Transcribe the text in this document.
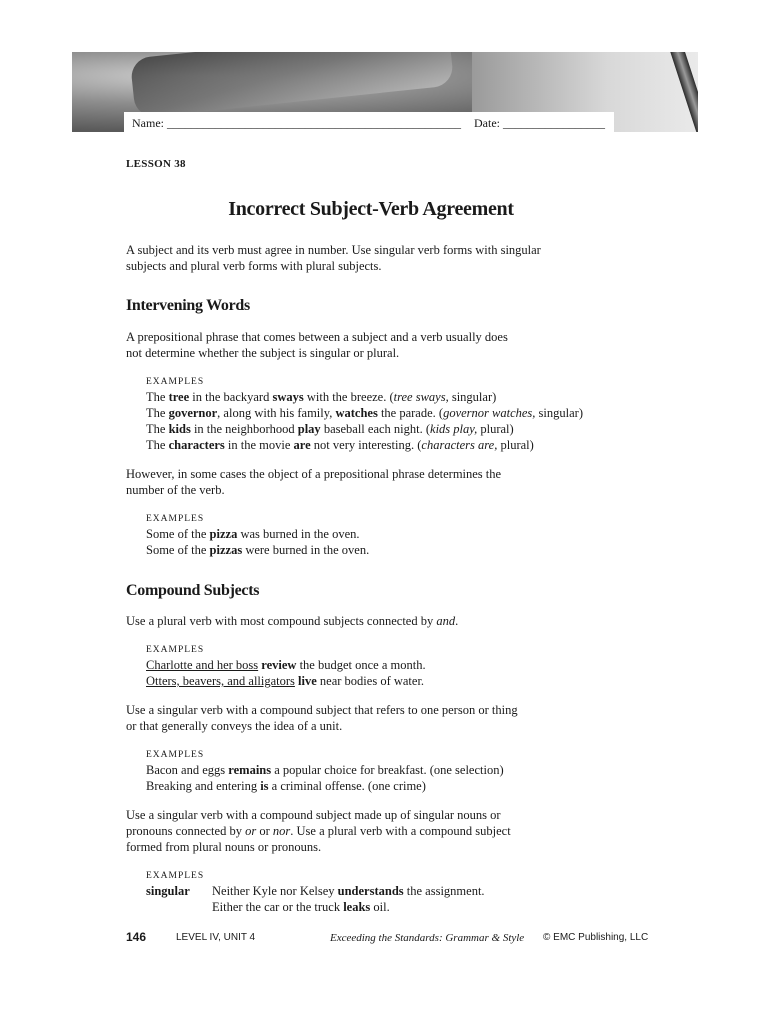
Name: _________________________________________________ Date: _________________
LESSON 38
Incorrect Subject-Verb Agreement
A subject and its verb must agree in number. Use singular verb forms with singular subjects and plural verb forms with plural subjects.
Intervening Words
A prepositional phrase that comes between a subject and a verb usually does not determine whether the subject is singular or plural.
EXAMPLES
The tree in the backyard sways with the breeze. (tree sways, singular)
The governor, along with his family, watches the parade. (governor watches, singular)
The kids in the neighborhood play baseball each night. (kids play, plural)
The characters in the movie are not very interesting. (characters are, plural)
However, in some cases the object of a prepositional phrase determines the number of the verb.
EXAMPLES
Some of the pizza was burned in the oven.
Some of the pizzas were burned in the oven.
Compound Subjects
Use a plural verb with most compound subjects connected by and.
EXAMPLES
Charlotte and her boss review the budget once a month.
Otters, beavers, and alligators live near bodies of water.
Use a singular verb with a compound subject that refers to one person or thing or that generally conveys the idea of a unit.
EXAMPLES
Bacon and eggs remains a popular choice for breakfast. (one selection)
Breaking and entering is a criminal offense. (one crime)
Use a singular verb with a compound subject made up of singular nouns or
pronouns connected by or or nor. Use a plural verb with a compound subject
formed from plural nouns or pronouns.
EXAMPLES
singular Neither Kyle nor Kelsey understands the assignment.
Either the car or the truck leaks oil.
146	LEVEL IV, UNIT 4	Exceeding the Standards: Grammar & Style © EMC Publishing, LLC
